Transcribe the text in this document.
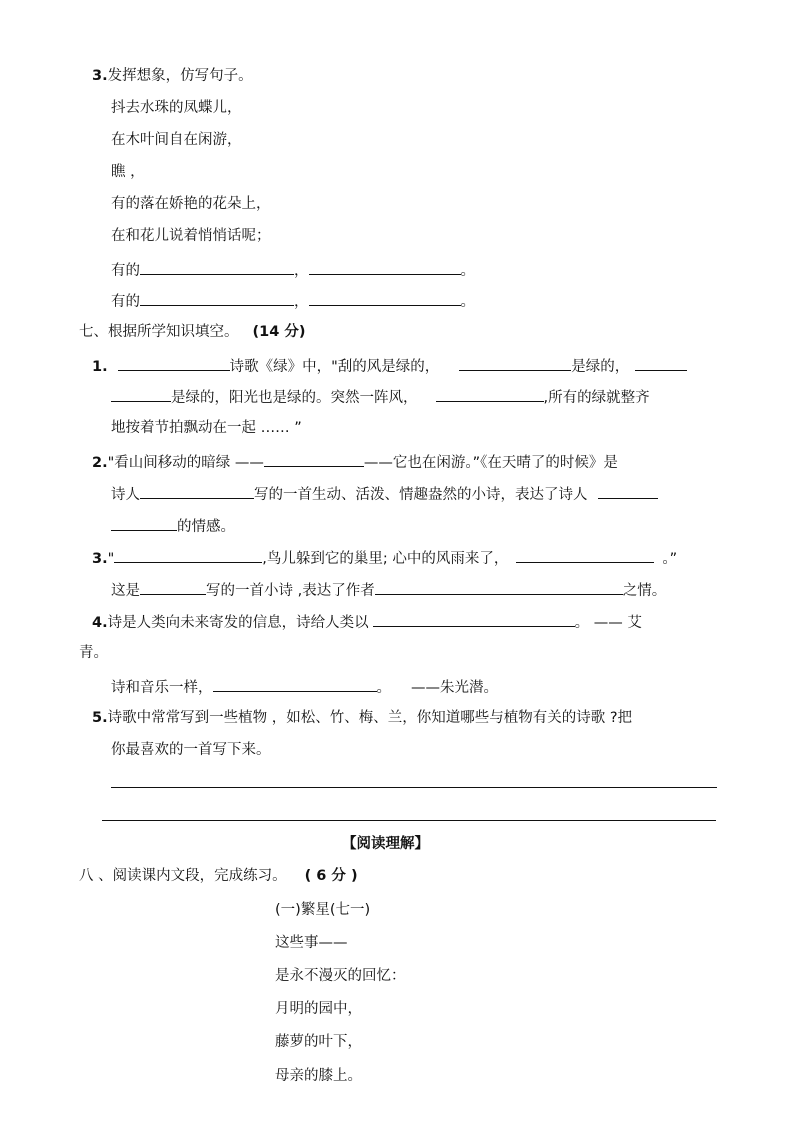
3.发挥想象，仿写句子。
抖去水珠的凤蝶儿，
在木叶间自在闲游，
瞧 ，
有的落在娇艳的花朵上，
在和花儿说着悄悄话呢；
有的	，	。
有的	，	。
七、根据所学知识填空。 (14 分)
1.	诗歌《绿》中，"刮的风是绿的，	是绿的，
是绿的，阳光也是绿的。突然一阵风，	,所有的绿就整齐
地按着节拍飘动在一起 …… ”
2."看山间移动的暗绿 ——	——它也在闲游。”《在天晴了的时候》是
诗人	写的一首生动、活泼、情趣盎然的小诗，表达了诗人
的情感。
3."	,鸟儿躲到它的巢里; 心中的风雨来了，	。”
这是	写的一首小诗 ,表达了作者	之情。
4.诗是人类向未来寄发的信息，诗给人类以	。 —— 艾
青。
诗和音乐一样，	。 ——朱光潜。
5.诗歌中常常写到一些植物 ，如松、竹、梅、兰，你知道哪些与植物有关的诗歌 ?把
你最喜欢的一首写下来。
【阅读理解】
八 、阅读课内文段，完成练习。 ( 6 分 )
(一)繁星(七一)
这些事——
是永不漫灭的回忆：
月明的园中，
藤萝的叶下，
母亲的膝上。
